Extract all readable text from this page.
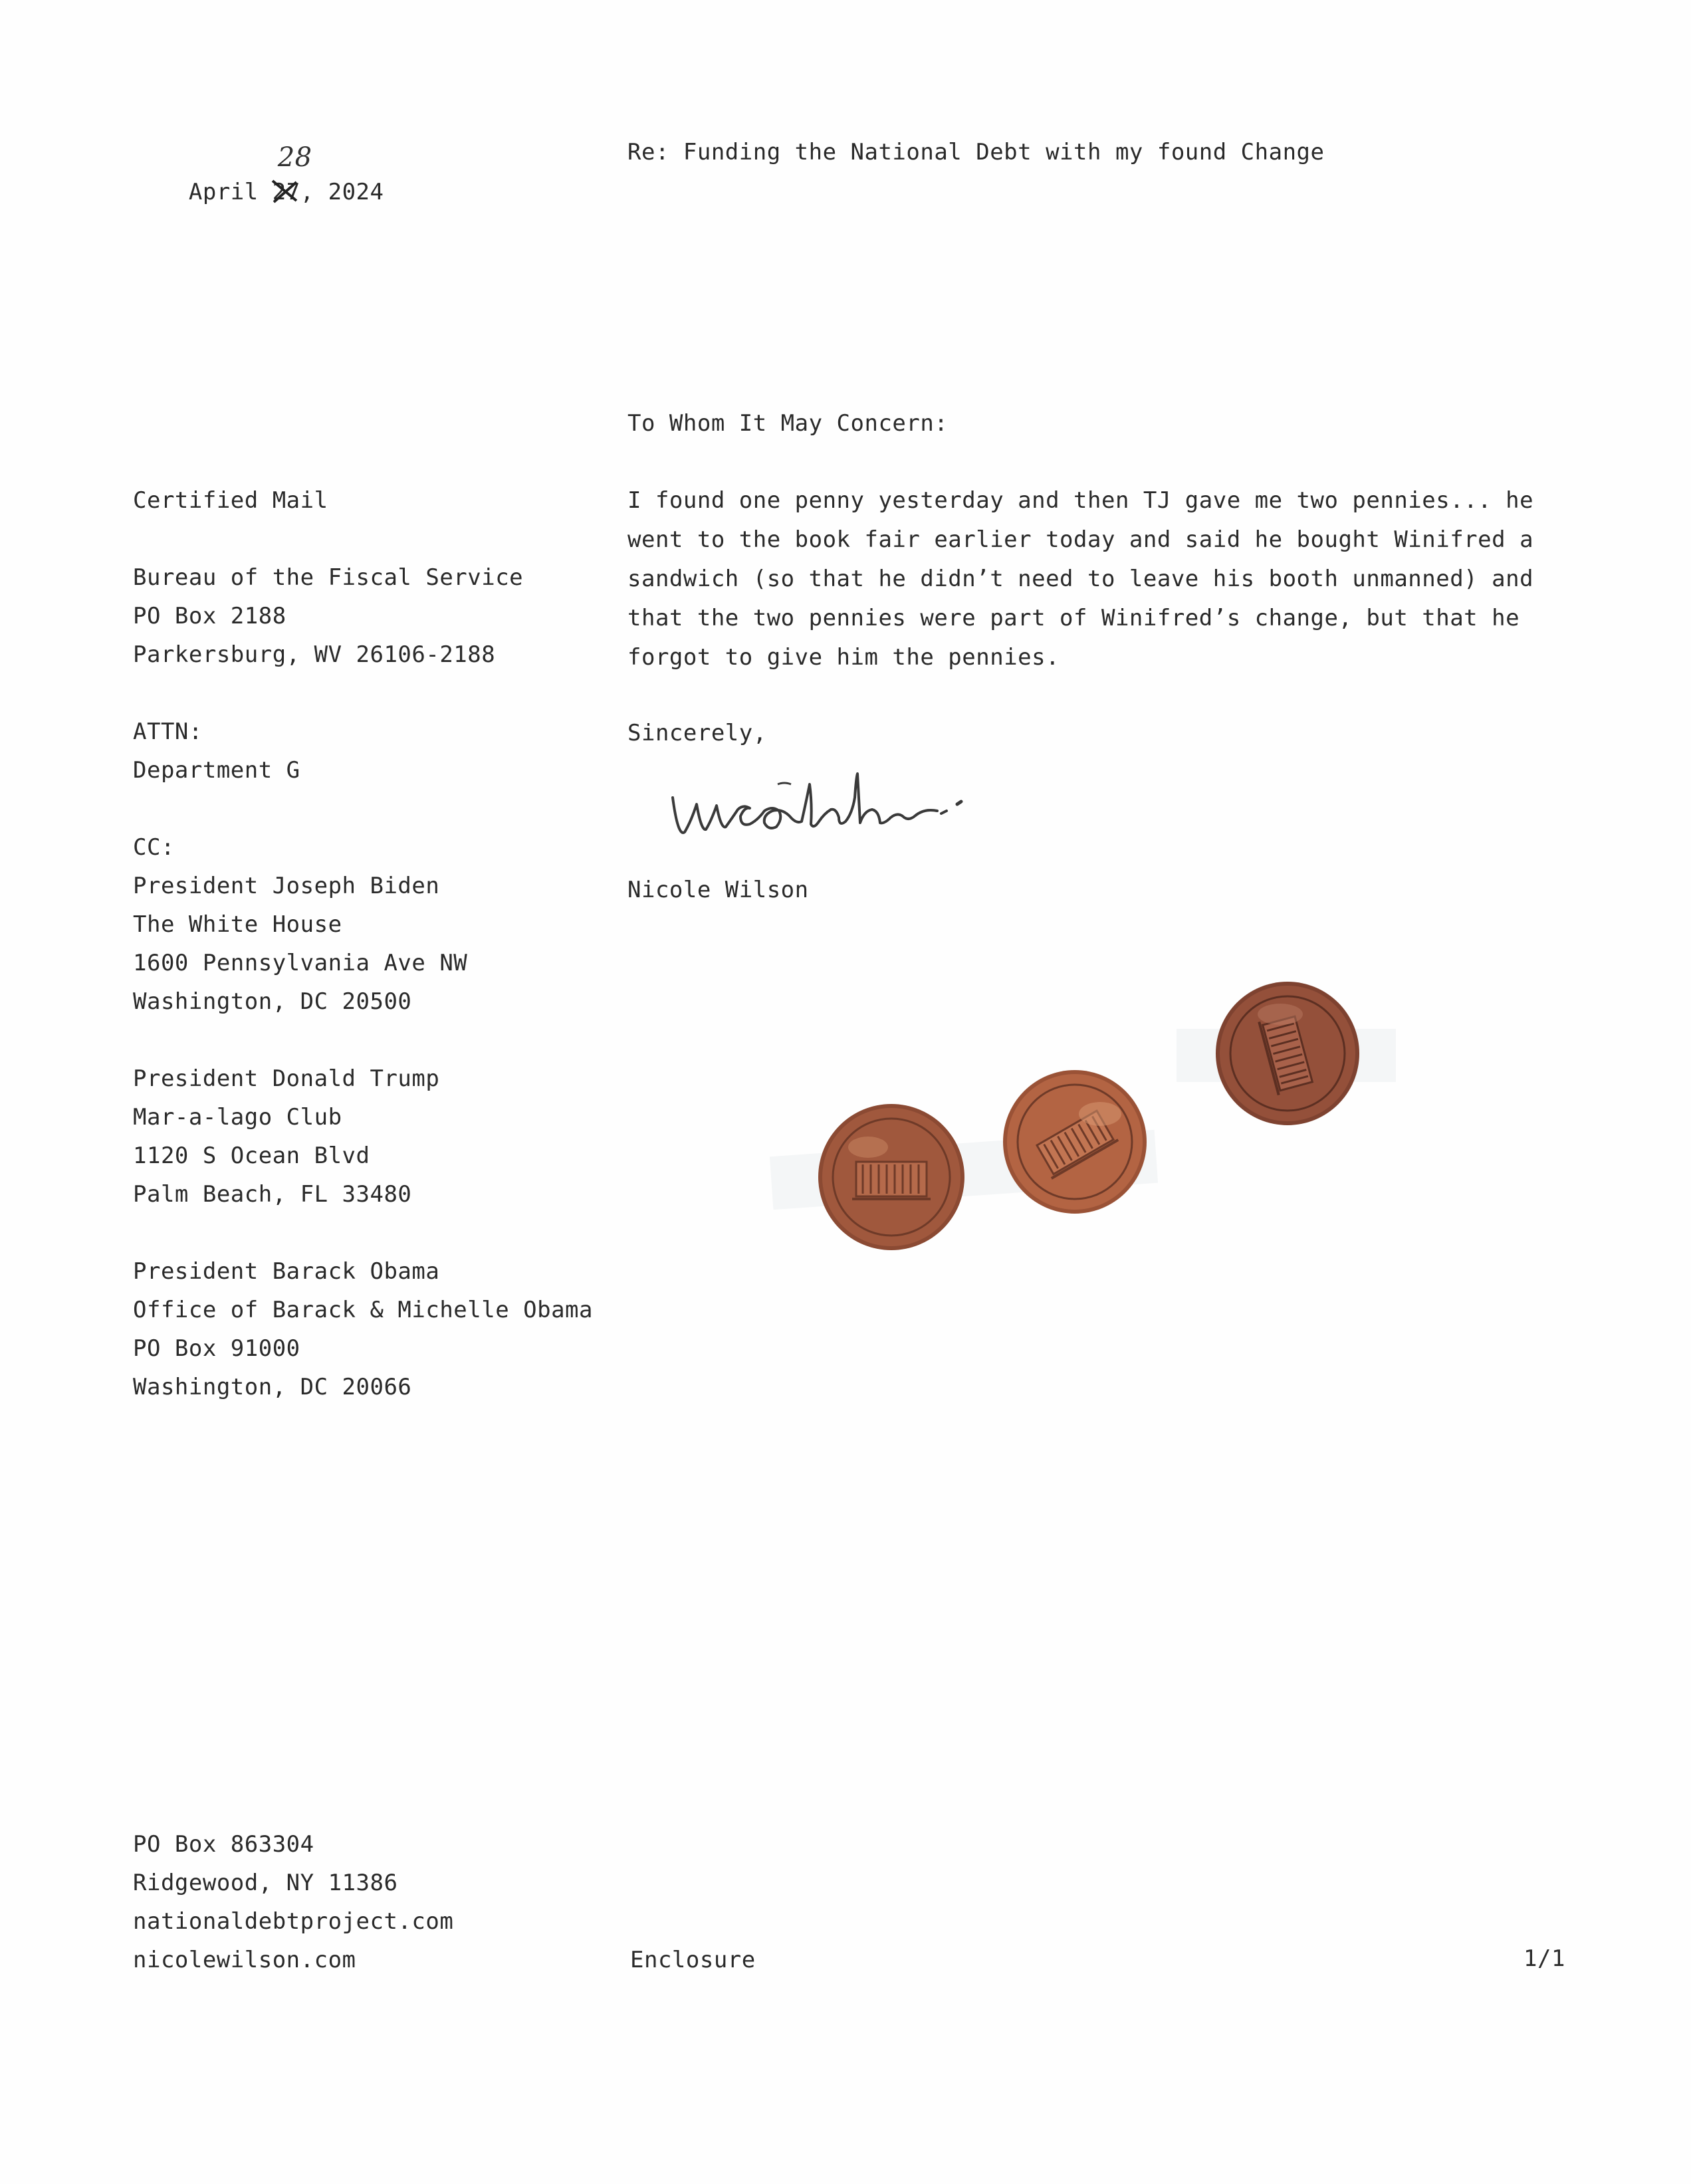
April 27
28
, 2024

Re: Funding the National Debt with my found Change
To Whom It May Concern:
Certified Mail
Bureau of the Fiscal Service
PO Box 2188
Parkersburg, WV 26106-2188
ATTN:
Department G
CC:
President Joseph Biden
The White House
1600 Pennsylvania Ave NW
Washington, DC 20500
President Donald Trump
Mar-a-lago Club
1120 S Ocean Blvd
Palm Beach, FL 33480
President Barack Obama
Office of Barack & Michelle Obama
PO Box 91000
Washington, DC 20066
I found one penny yesterday and then TJ gave me two pennies... he
went to the book fair earlier today and said he bought Winifred a
sandwich (so that he didn’t need to leave his booth unmanned) and
that the two pennies were part of Winifred’s change, but that he
forgot to give him the pennies.
Sincerely,
Nicole Wilson
PO Box 863304
Ridgewood, NY 11386
nationaldebtproject.com
nicolewilson.com	Enclosure	1/1
